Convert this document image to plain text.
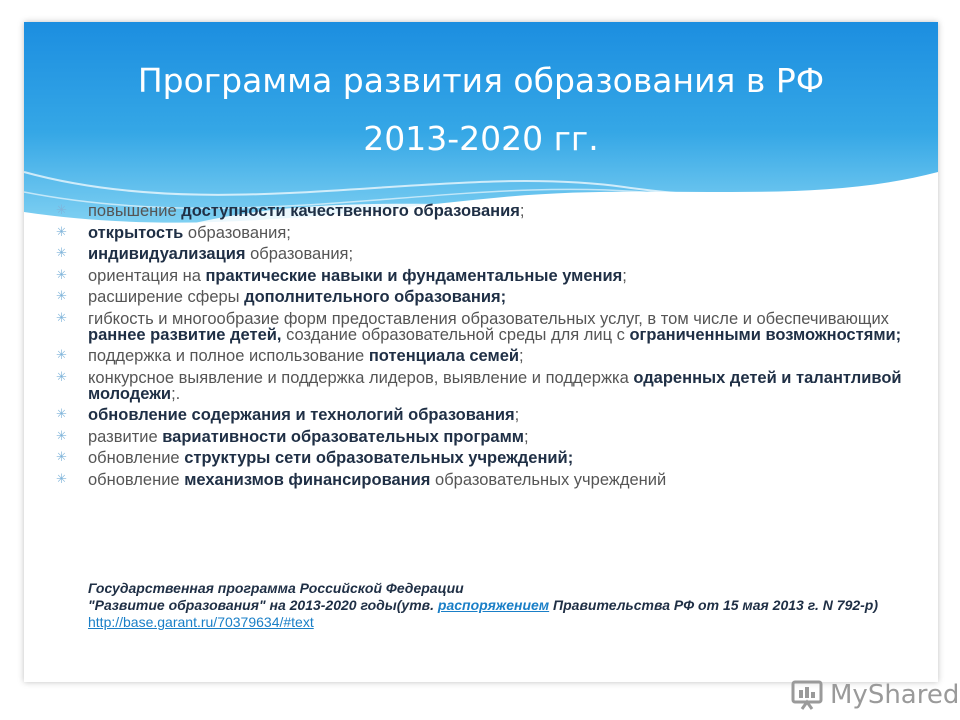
Программа развития образования в РФ
2013-2020 гг.
✳ повышение доступности качественного образования;
✳ открытость образования;
✳ индивидуализация образования;
✳ ориентация на практические навыки и фундаментальные умения;
✳ расширение сферы дополнительного образования;
✳ гибкость и многообразие форм предоставления образовательных услуг, в том числе и обеспечивающих раннее развитие детей, создание образовательной среды для лиц с ограниченными возможностями;
✳ поддержка и полное использование потенциала семей;
✳ конкурсное выявление и поддержка лидеров, выявление и поддержка одаренных детей и талантливой молодежи;.
✳ обновление содержания и технологий образования;
✳ развитие вариативности образовательных программ;
✳ обновление структуры сети образовательных учреждений;
✳ обновление механизмов финансирования образовательных учреждений
Государственная программа Российской Федерации
"Развитие образования" на 2013-2020 годы(утв. распоряжением Правительства РФ от 15 мая 2013 г. N 792-р) http://base.garant.ru/70379634/#text
MyShared
